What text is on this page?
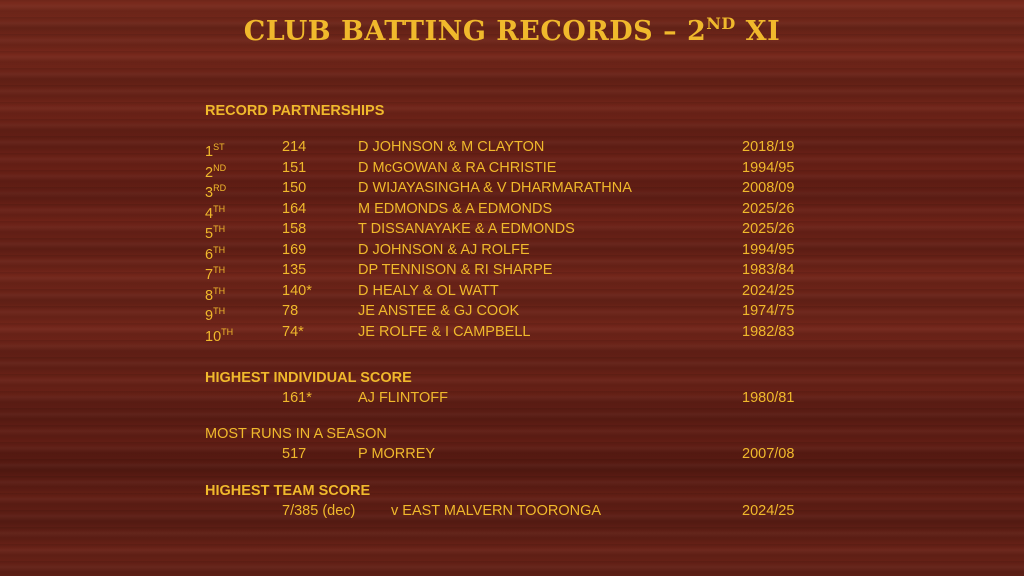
CLUB BATTING RECORDS – 2ND XI
RECORD PARTNERSHIPS
1ST	214	D JOHNSON & M CLAYTON	2018/19
2ND	151	D McGOWAN & RA CHRISTIE	1994/95
3RD	150	D WIJAYASINGHA & V DHARMARATHNA	2008/09
4TH	164	M EDMONDS & A EDMONDS	2025/26
5TH	158	T DISSANAYAKE & A EDMONDS	2025/26
6TH	169	D JOHNSON & AJ ROLFE	1994/95
7TH	135	DP TENNISON & RI SHARPE	1983/84
8TH	140*	D HEALY & OL WATT	2024/25
9TH	78	JE ANSTEE & GJ COOK	1974/75
10TH	74*	JE ROLFE & I CAMPBELL	1982/83
HIGHEST INDIVIDUAL SCORE
161*	AJ FLINTOFF	1980/81
MOST RUNS IN A SEASON
517	P MORREY	2007/08
HIGHEST TEAM SCORE
7/385 (dec) v EAST MALVERN TOORONGA	2024/25
